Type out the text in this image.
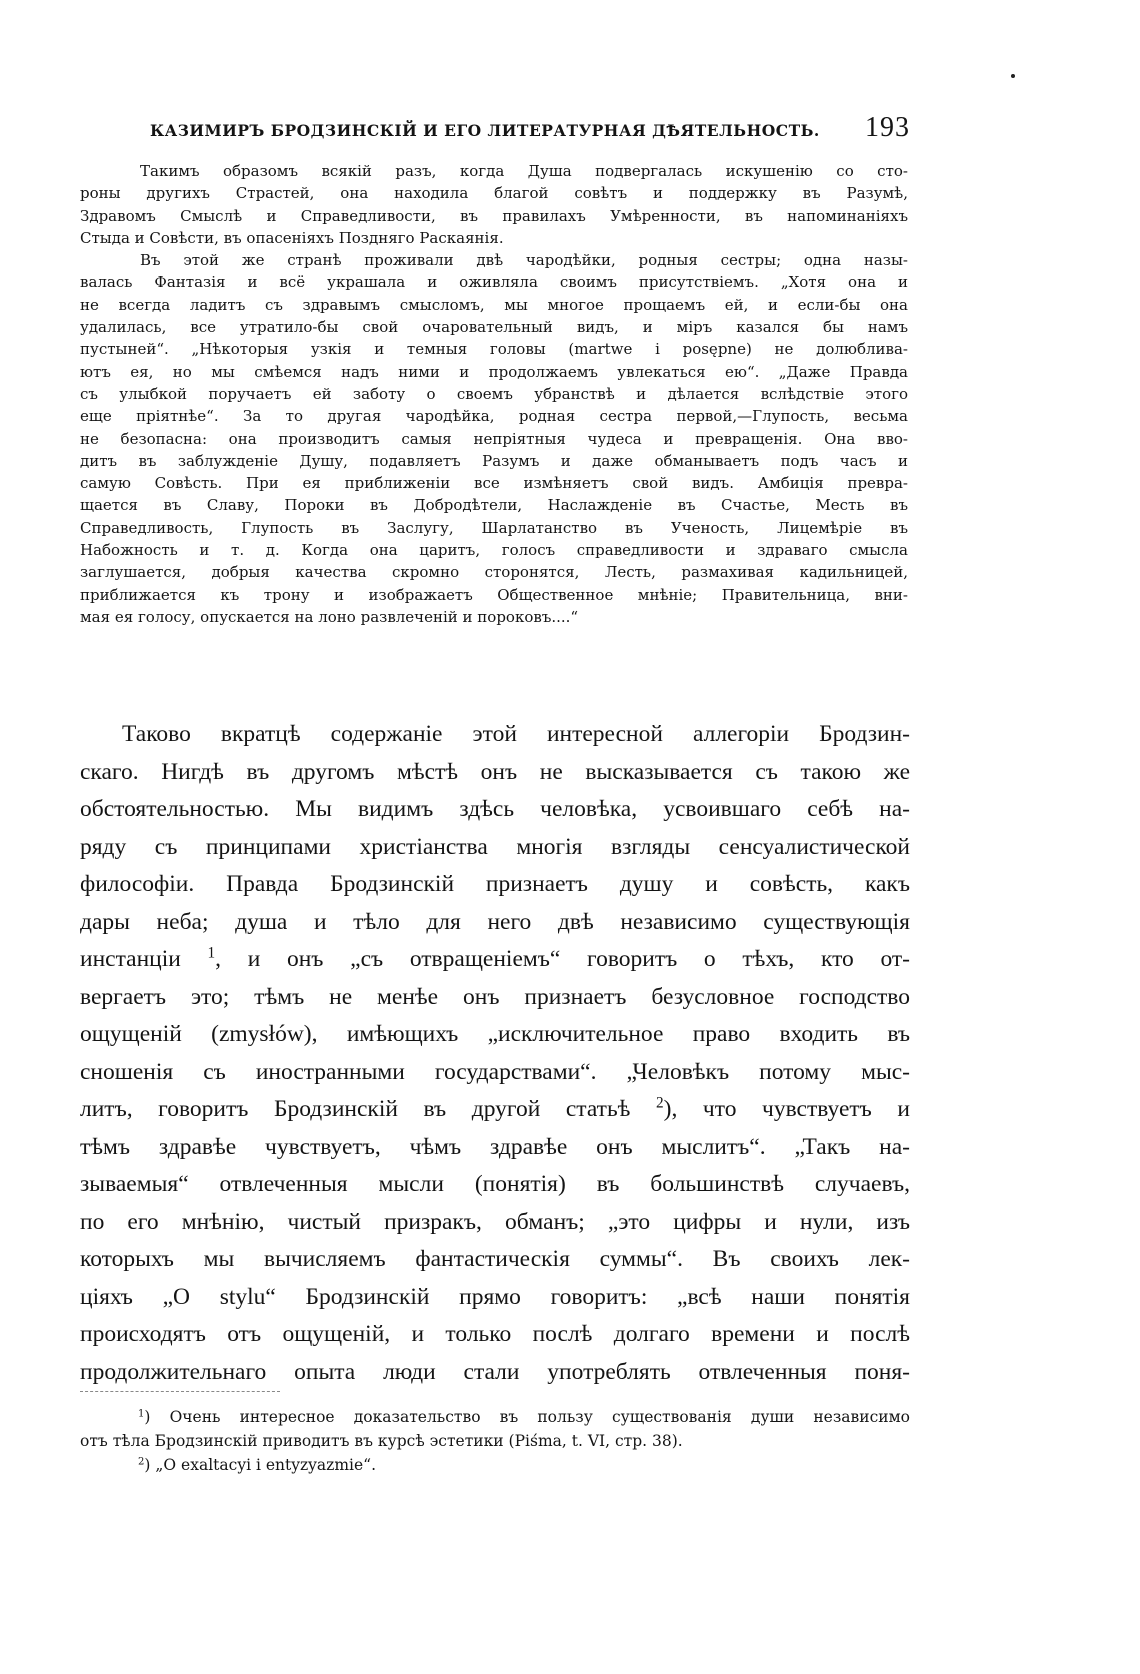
КАЗИМИРЪ БРОДЗИНСКІЙ И ЕГО ЛИТЕРАТУРНАЯ ДѢЯТЕЛЬНОСТЬ. 193
Такимъ образомъ всякій разъ, когда Душа подвергалась искушенію со сто-
роны другихъ Страстей, она находила благой совѣтъ и поддержку въ Разумѣ,
Здравомъ Смыслѣ и Справедливости, въ правилахъ Умѣренности, въ напоминаніяхъ
Стыда и Совѣсти, въ опасеніяхъ Поздняго Раскаянія.
Въ этой же странѣ проживали двѣ чародѣйки, родныя сестры; одна назы-
валась Фантазія и всё украшала и оживляла своимъ присутствіемъ. „Хотя она и
не всегда ладитъ съ здравымъ смысломъ, мы многое прощаемъ ей, и если-бы она
удалилась, все утратило-бы свой очаровательный видъ, и міръ казался бы намъ
пустыней“. „Нѣкоторыя узкія и темныя головы (martwe i posępne) не долюблива-
ютъ ея, но мы смѣемся надъ ними и продолжаемъ увлекаться ею“. „Даже Правда
съ улыбкой поручаетъ ей заботу о своемъ убранствѣ и дѣлается вслѣдствіе этого
еще пріятнѣе“. За то другая чародѣйка, родная сестра первой,—Глупость, весьма
не безопасна: она производитъ самыя непріятныя чудеса и превращенія. Она вво-
дитъ въ заблужденіе Душу, подавляетъ Разумъ и даже обманываетъ подъ часъ и
самую Совѣсть. При ея приближеніи все измѣняетъ свой видъ. Амбиція превра-
щается въ Славу, Пороки въ Добродѣтели, Наслажденіе въ Счастье, Месть въ
Справедливость, Глупость въ Заслугу, Шарлатанство въ Ученость, Лицемѣріе въ
Набожность и т. д. Когда она царитъ, голосъ справедливости и здраваго смысла
заглушается, добрыя качества скромно сторонятся, Лесть, размахивая кадильницей,
приближается къ трону и изображаетъ Общественное мнѣніе; Правительница, вни-
мая ея голосу, опускается на лоно развлеченій и пороковъ....“
Таково вкратцѣ содержаніе этой интересной аллегоріи Бродзин-
скаго. Нигдѣ въ другомъ мѣстѣ онъ не высказывается съ такою же
обстоятельностью. Мы видимъ здѣсь человѣка, усвоившаго себѣ на-
ряду съ принципами христіанства многія взгляды сенсуалистической
философіи. Правда Бродзинскій признаетъ душу и совѣсть, какъ
дары неба; душа и тѣло для него двѣ независимо существующія
инстанціи $^1$, и онъ „съ отвращеніемъ“ говоритъ о тѣхъ, кто от-
вергаетъ это; тѣмъ не менѣе онъ признаетъ безусловное господство
ощущеній (zmysłów), имѣющихъ „исключительное право входить въ
сношенія съ иностранными государствами“. „Человѣкъ потому мыс-
литъ, говоритъ Бродзинскій въ другой статьѣ $^2$), что чувствуетъ и
тѣмъ здравѣе чувствуетъ, чѣмъ здравѣе онъ мыслитъ“. „Такъ на-
зываемыя“ отвлеченныя мысли (понятія) въ большинствѣ случаевъ,
по его мнѣнію, чистый призракъ, обманъ; „это цифры и нули, изъ
которыхъ мы вычисляемъ фантастическія суммы“. Въ своихъ лек-
ціяхъ „O stylu“ Бродзинскій прямо говоритъ: „всѣ наши понятія
происходятъ отъ ощущеній, и только послѣ долгаго времени и послѣ
продолжительнаго опыта люди стали употреблять отвлеченныя поня-
$^1$) Очень интересное доказательство въ пользу существованія души независимо
отъ тѣла Бродзинскій приводитъ въ курсѣ эстетики (Piśma, t. VI, стр. 38).
$^2$) „O exaltacyi i entyzyazmie“.
